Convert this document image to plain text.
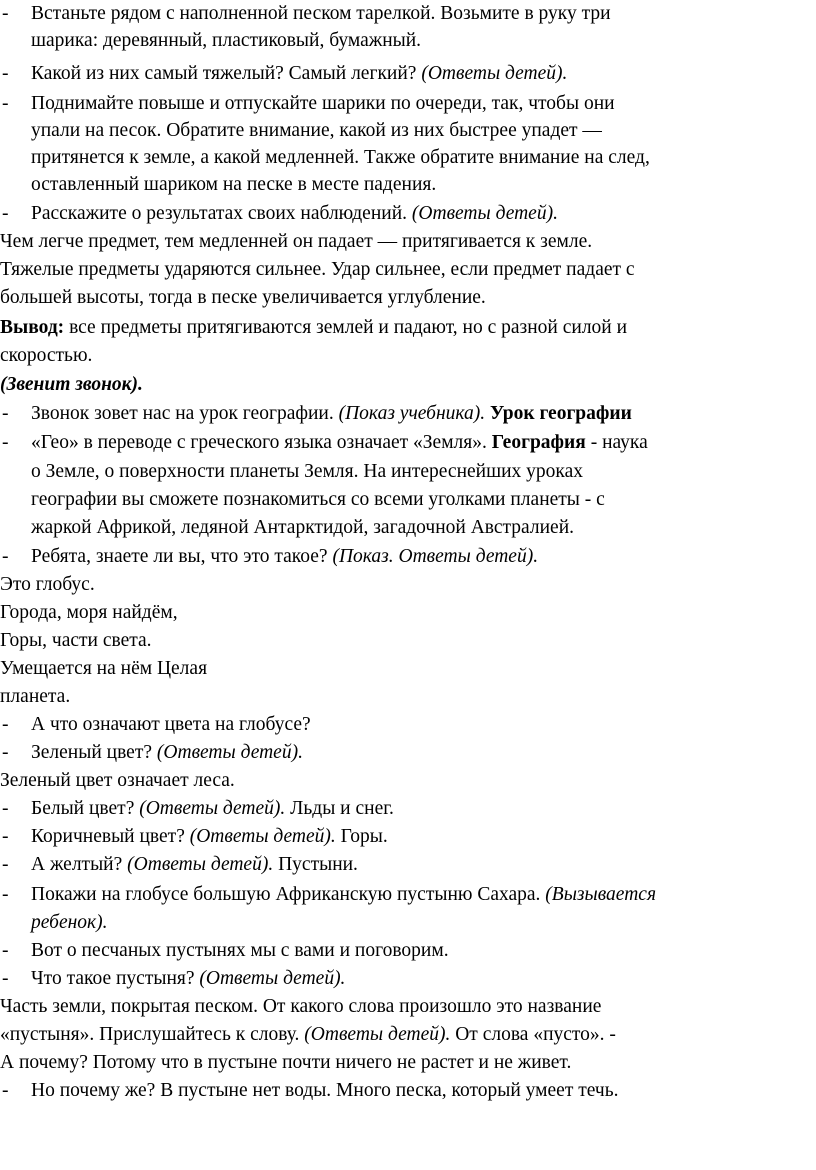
- Встаньте рядом с наполненной песком тарелкой. Возьмите в руку три
шарика: деревянный, пластиковый, бумажный.
- Какой из них самый тяжелый? Самый легкий? (Ответы детей).
- Поднимайте повыше и отпускайте шарики по очереди, так, чтобы они
упали на песок. Обратите внимание, какой из них быстрее упадет —
притянется к земле, а какой медленней. Также обратите внимание на след,
оставленный шариком на песке в месте падения.
- Расскажите о результатах своих наблюдений. (Ответы детей).
Чем легче предмет, тем медленней он падает — притягивается к земле.
Тяжелые предметы ударяются сильнее. Удар сильнее, если предмет падает с
большей высоты, тогда в песке увеличивается углубление.
Вывод: все предметы притягиваются землей и падают, но с разной силой и
скоростью.
(Звенит звонок).
- Звонок зовет нас на урок географии. (Показ учебника). Урок географии
- «Гео» в переводе с греческого языка означает «Земля». География - наука
о Земле, о поверхности планеты Земля. На интереснейших уроках
географии вы сможете познакомиться со всеми уголками планеты - с
жаркой Африкой, ледяной Антарктидой, загадочной Австралией.
- Ребята, знаете ли вы, что это такое? (Показ. Ответы детей).
Это глобус.
Города, моря найдём,
Горы, части света.
Умещается на нём Целая
планета.
- А что означают цвета на глобусе?
- Зеленый цвет? (Ответы детей).
Зеленый цвет означает леса.
- Белый цвет? (Ответы детей). Льды и снег.
- Коричневый цвет? (Ответы детей). Горы.
- А желтый? (Ответы детей). Пустыни.
- Покажи на глобусе большую Африканскую пустыню Сахара. (Вызывается
ребенок).
- Вот о песчаных пустынях мы с вами и поговорим.
- Что такое пустыня? (Ответы детей).
Часть земли, покрытая песком. От какого слова произошло это название
«пустыня». Прислушайтесь к слову. (Ответы детей). От слова «пусто». -
А почему? Потому что в пустыне почти ничего не растет и не живет.
- Но почему же? В пустыне нет воды. Много песка, который умеет течь.
